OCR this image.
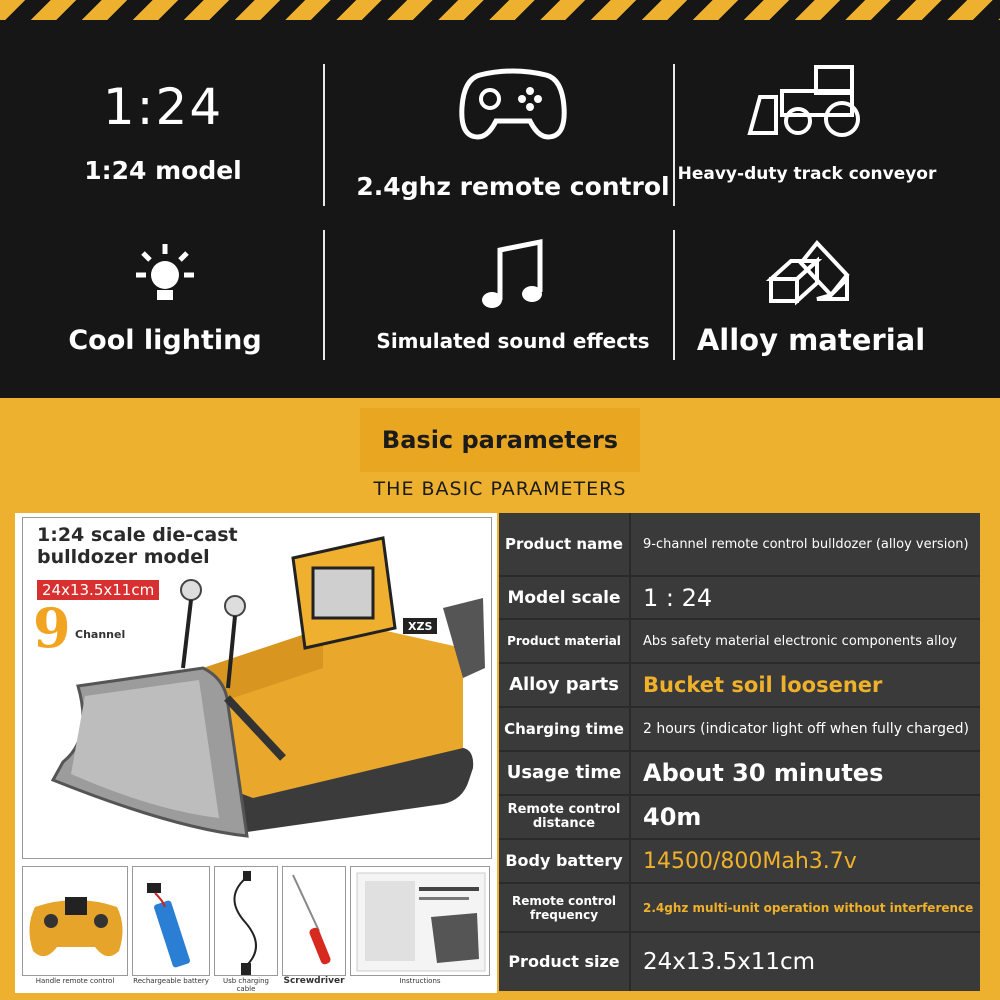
1:24
1:24 model
2.4ghz remote control Heavy-duty track conveyor
Cool lighting	Simulated sound effects	Alloy material
Basic parameters
THE BASIC PARAMETERS
XZS
1:24 scale die-cast
bulldozer model
24x13.5x11cm
9 Channel
Handle remote control	Rechargeable battery	Usb charging cable
Screwdriver	Instructions
Product name	9-channel remote control bulldozer (alloy version)
Model scale 1 : 24
Product material	Abs safety material electronic components alloy
Alloy parts	Bucket soil loosener
Charging time	2 hours (indicator light off when fully charged)
Usage time About 30 minutes
Remote control distance	40m
Body battery 14500/800Mah3.7v
Remote control frequency	2.4ghz multi-unit operation without interference
Product size	24x13.5x11cm
